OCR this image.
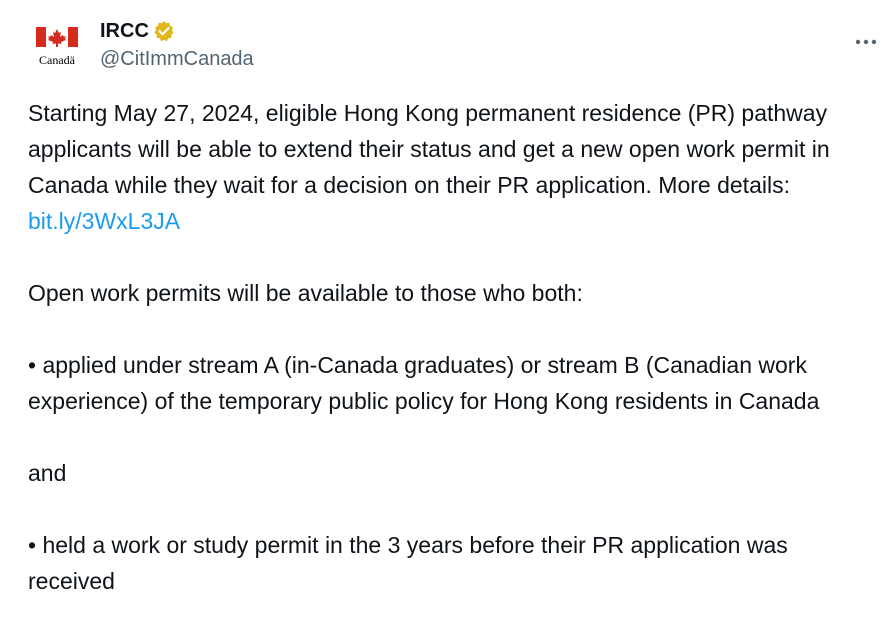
Canadä
IRCC
@CitImmCanada

Starting May 27, 2024, eligible Hong Kong permanent residence (PR) pathway applicants will be able to extend their status and get a new open work permit in Canada while they wait for a decision on their PR application. More details: bit.ly/3WxL3JA

Open work permits will be available to those who both:

• applied under stream A (in-Canada graduates) or stream B (Canadian work experience) of the temporary public policy for Hong Kong residents in Canada

and

• held a work or study permit in the 3 years before their PR application was received
